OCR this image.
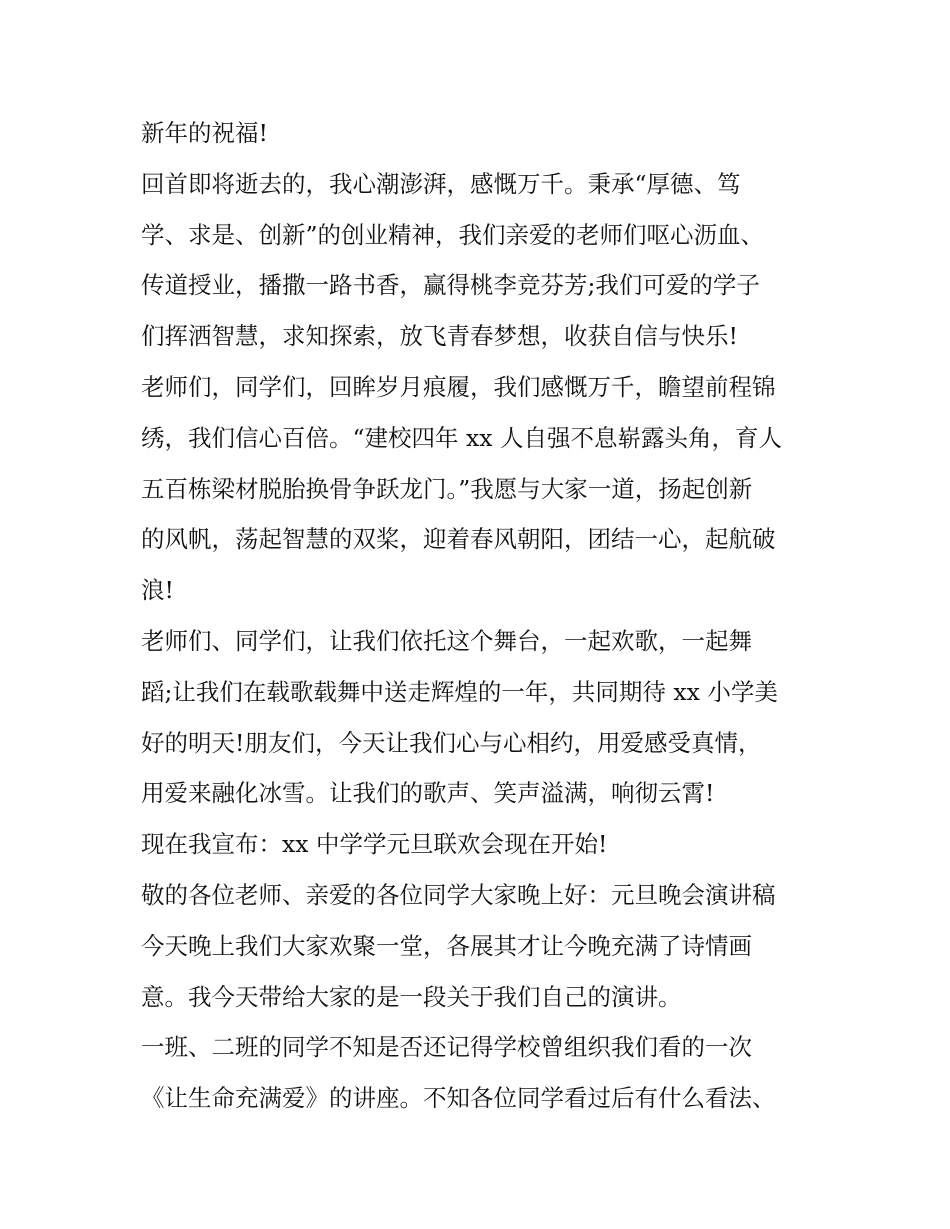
新年的祝福!
回首即将逝去的，我心潮澎湃，感慨万千。秉承“厚德、笃
学、求是、创新”的创业精神，我们亲爱的老师们呕心沥血、
传道授业，播撒一路书香，赢得桃李竞芬芳;我们可爱的学子
们挥洒智慧，求知探索，放飞青春梦想，收获自信与快乐!
老师们，同学们，回眸岁月痕履，我们感慨万千，瞻望前程锦
绣，我们信心百倍。“建校四年 xx 人自强不息崭露头角，育人
五百栋梁材脱胎换骨争跃龙门。”我愿与大家一道，扬起创新
的风帆，荡起智慧的双桨，迎着春风朝阳，团结一心，起航破
浪!
老师们、同学们，让我们依托这个舞台，一起欢歌，一起舞
蹈;让我们在载歌载舞中送走辉煌的一年，共同期待 xx 小学美
好的明天!朋友们，今天让我们心与心相约，用爱感受真情，
用爱来融化冰雪。让我们的歌声、笑声溢满，响彻云霄!
现在我宣布：xx 中学学元旦联欢会现在开始!
敬的各位老师、亲爱的各位同学大家晚上好：元旦晚会演讲稿
今天晚上我们大家欢聚一堂，各展其才让今晚充满了诗情画
意。我今天带给大家的是一段关于我们自己的演讲。
一班、二班的同学不知是否还记得学校曾组织我们看的一次
《让生命充满爱》的讲座。不知各位同学看过后有什么看法、
